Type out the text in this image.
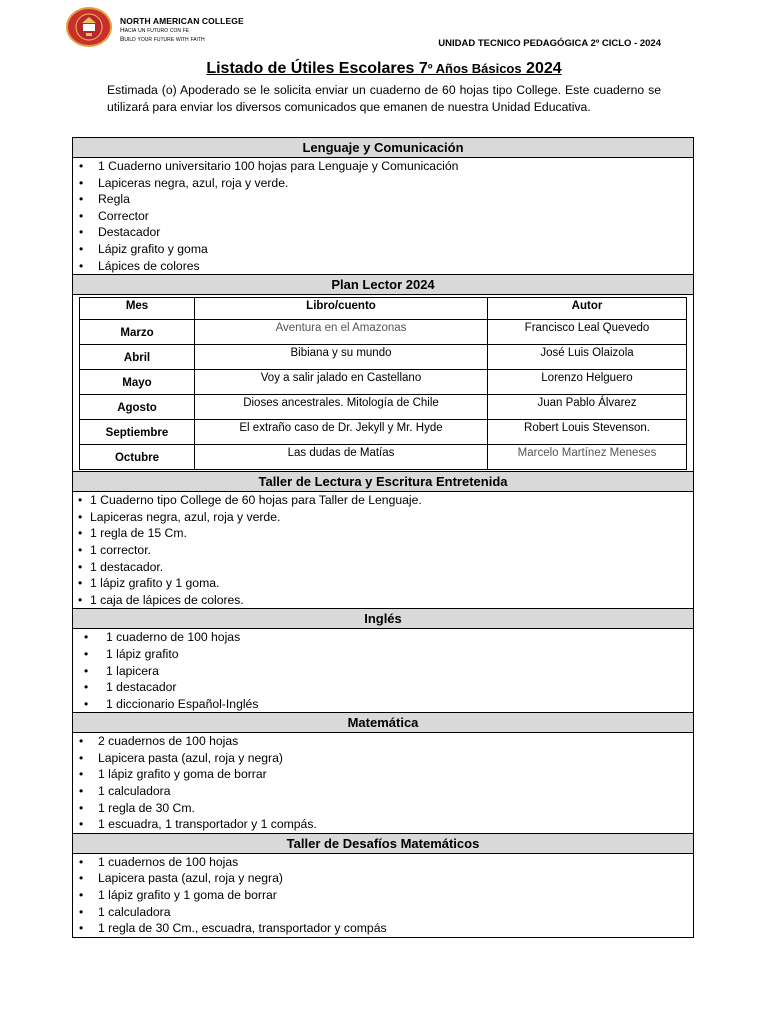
NORTH AMERICAN COLLEGE
Hacia un futuro con fe
Build your future with faith	UNIDAD TECNICO PEDAGÓGICA 2º CICLO - 2024
Listado de Útiles Escolares 7º Años Básicos 2024
Estimada (o) Apoderado se le solicita enviar un cuaderno de 60 hojas tipo College. Este cuaderno se utilizará para enviar los diversos comunicados que emanen de nuestra Unidad Educativa.
Lenguaje y Comunicación
• 1 Cuaderno universitario 100 hojas para Lenguaje y Comunicación
• Lapiceras negra, azul, roja y verde.
• Regla
• Corrector
• Destacador
• Lápiz grafito y goma
• Lápices de colores
Plan Lector 2024
Mes	Libro/cuento	Autor
Marzo	Aventura en el Amazonas	Francisco Leal Quevedo
Abril	Bibiana y su mundo	José Luis Olaizola
Mayo	Voy a salir jalado en Castellano	Lorenzo Helguero
Agosto	Dioses ancestrales. Mitología de Chile	Juan Pablo Álvarez
Septiembre	El extraño caso de Dr. Jekyll y Mr. Hyde	Robert Louis Stevenson.
Octubre	Las dudas de Matías	Marcelo Martínez Meneses
Taller de Lectura y Escritura Entretenida
• 1 Cuaderno tipo College de 60 hojas para Taller de Lenguaje.
• Lapiceras negra, azul, roja y verde.
• 1 regla de 15 Cm.
• 1 corrector.
• 1 destacador.
• 1 lápiz grafito y 1 goma.
• 1 caja de lápices de colores.
Inglés
• 1 cuaderno de 100 hojas
• 1 lápiz grafito
• 1 lapicera
• 1 destacador
• 1 diccionario Español-Inglés
Matemática
• 2 cuadernos de 100 hojas
• Lapicera pasta (azul, roja y negra)
• 1 lápiz grafito y goma de borrar
• 1 calculadora
• 1 regla de 30 Cm.
• 1 escuadra, 1 transportador y 1 compás.
Taller de Desafíos Matemáticos
• 1 cuadernos de 100 hojas
• Lapicera pasta (azul, roja y negra)
• 1 lápiz grafito y 1 goma de borrar
• 1 calculadora
• 1 regla de 30 Cm., escuadra, transportador y compás
